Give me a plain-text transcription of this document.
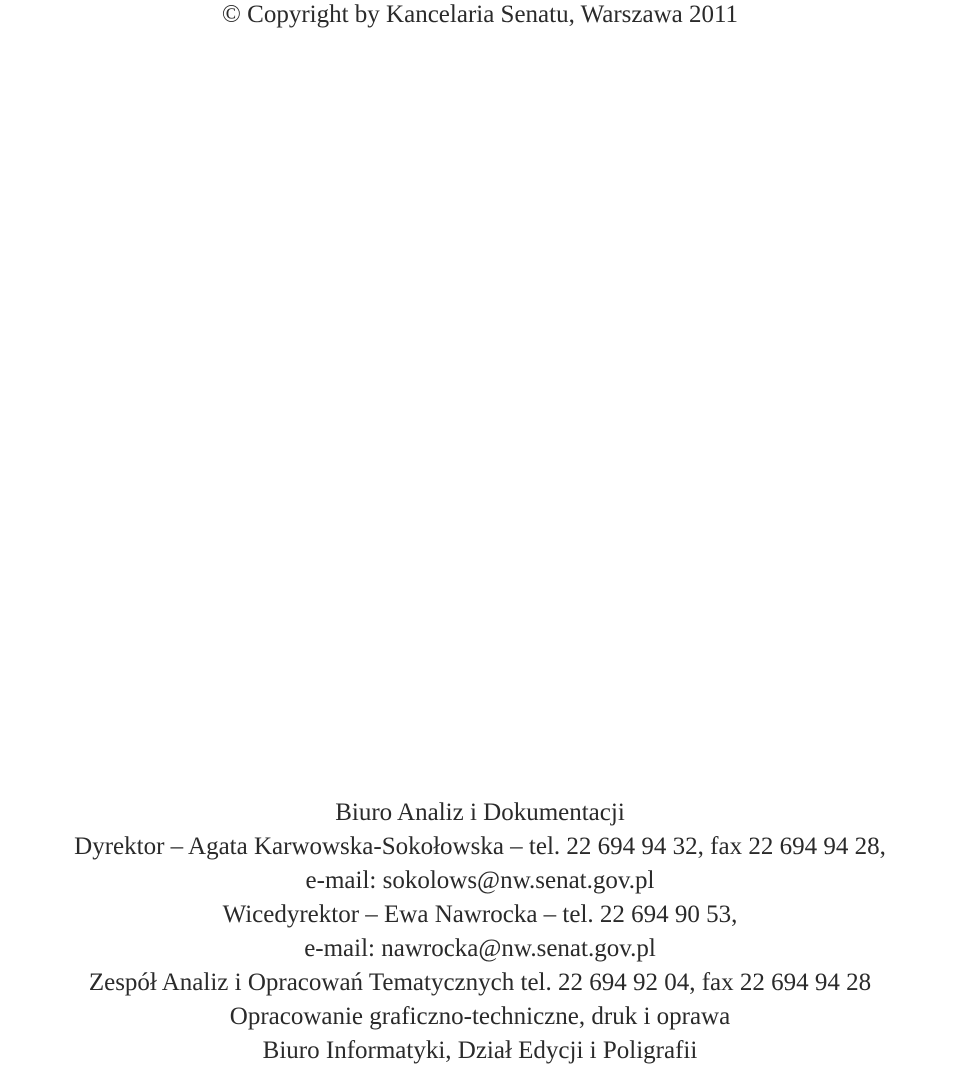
© Copyright by Kancelaria Senatu, Warszawa 2011
Biuro Analiz i Dokumentacji
Dyrektor – Agata Karwowska-Sokołowska – tel. 22 694 94 32, fax 22 694 94 28,
e-mail: sokolows@nw.senat.gov.pl
Wicedyrektor – Ewa Nawrocka – tel. 22 694 90 53,
e-mail: nawrocka@nw.senat.gov.pl
Zespół Analiz i Opracowań Tematycznych tel. 22 694 92 04, fax 22 694 94 28
Opracowanie graficzno-techniczne, druk i oprawa
Biuro Informatyki, Dział Edycji i Poligrafii
